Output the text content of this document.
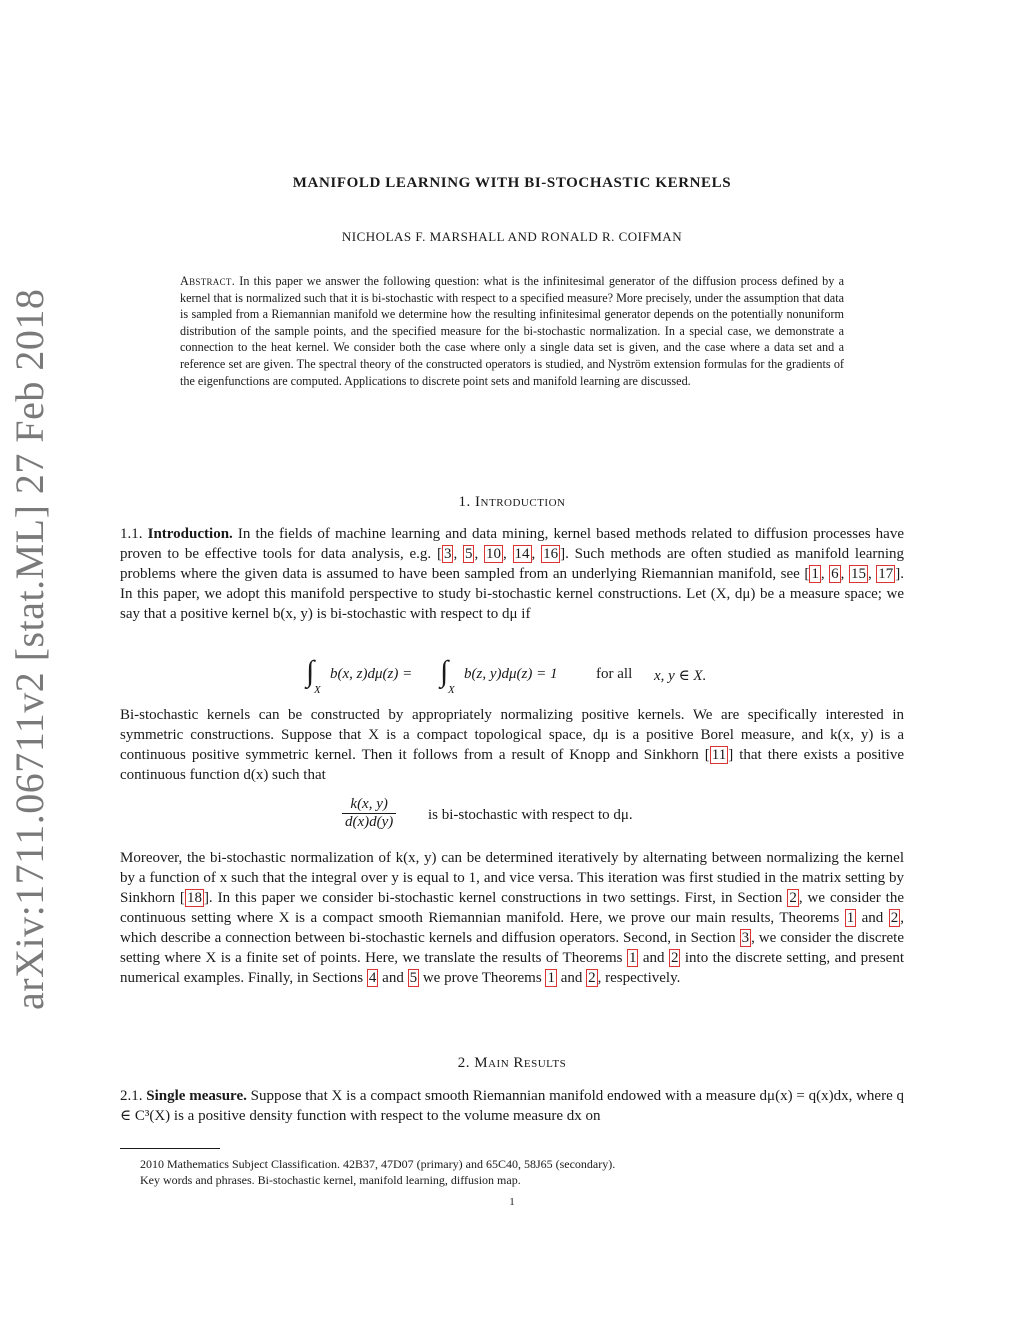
arXiv:1711.06711v2 [stat.ML] 27 Feb 2018
MANIFOLD LEARNING WITH BI-STOCHASTIC KERNELS
NICHOLAS F. MARSHALL AND RONALD R. COIFMAN
Abstract. In this paper we answer the following question: what is the infinitesimal generator of the diffusion process defined by a kernel that is normalized such that it is bi-stochastic with respect to a specified measure? More precisely, under the assumption that data is sampled from a Riemannian manifold we determine how the resulting infinitesimal generator depends on the potentially nonuniform distribution of the sample points, and the specified measure for the bi-stochastic normalization. In a special case, we demonstrate a connection to the heat kernel. We consider both the case where only a single data set is given, and the case where a data set and a reference set are given. The spectral theory of the constructed operators is studied, and Nyström extension formulas for the gradients of the eigenfunctions are computed. Applications to discrete point sets and manifold learning are discussed.
1. Introduction
1.1. Introduction. In the fields of machine learning and data mining, kernel based methods related to diffusion processes have proven to be effective tools for data analysis, e.g. [ 3 , 5 , 10 , 14 , 16 ]. Such methods are often studied as manifold learning problems where the given data is assumed to have been sampled from an underlying Riemannian manifold, see [ 1 , 6 , 15 , 17 ]. In this paper, we adopt this manifold perspective to study bi-stochastic kernel constructions. Let (X, dμ) be a measure space; we say that a positive kernel b(x, y) is bi-stochastic with respect to dμ if
∫
X
b(x, z)dμ(z) = ∫
X
b(z, y)dμ(z) = 1	for all x, y ∈ X.
Bi-stochastic kernels can be constructed by appropriately normalizing positive kernels. We are specifically interested in symmetric constructions. Suppose that X is a compact topological space, dμ is a positive Borel measure, and k(x, y) is a continuous positive symmetric kernel. Then it follows from a result of Knopp and Sinkhorn [ 11 ] that there exists a positive continuous function d(x) such that
$\frac{k(x, y)}{d(x)d(y)}$ is bi-stochastic with respect to dμ.
Moreover, the bi-stochastic normalization of k(x, y) can be determined iteratively by alternating between normalizing the kernel by a function of x such that the integral over y is equal to 1, and vice versa. This iteration was first studied in the matrix setting by Sinkhorn [ 18 ]. In this paper we consider bi-stochastic kernel constructions in two settings. First, in Section 2 , we consider the continuous setting where X is a compact smooth Riemannian manifold. Here, we prove our main results, Theorems 1 and 2 , which describe a connection between bi-stochastic kernels and diffusion operators. Second, in Section 3 , we consider the discrete setting where X is a finite set of points. Here, we translate the results of Theorems 1 and 2 into the discrete setting, and present numerical examples. Finally, in Sections 4 and 5 we prove Theorems 1 and 2 , respectively.
2. Main Results
2.1. Single measure. Suppose that X is a compact smooth Riemannian manifold endowed with a measure dμ(x) = q(x)dx, where q ∈ C³(X) is a positive density function with respect to the volume measure dx on
2010 Mathematics Subject Classification. 42B37, 47D07 (primary) and 65C40, 58J65 (secondary).
Key words and phrases. Bi-stochastic kernel, manifold learning, diffusion map.
1
